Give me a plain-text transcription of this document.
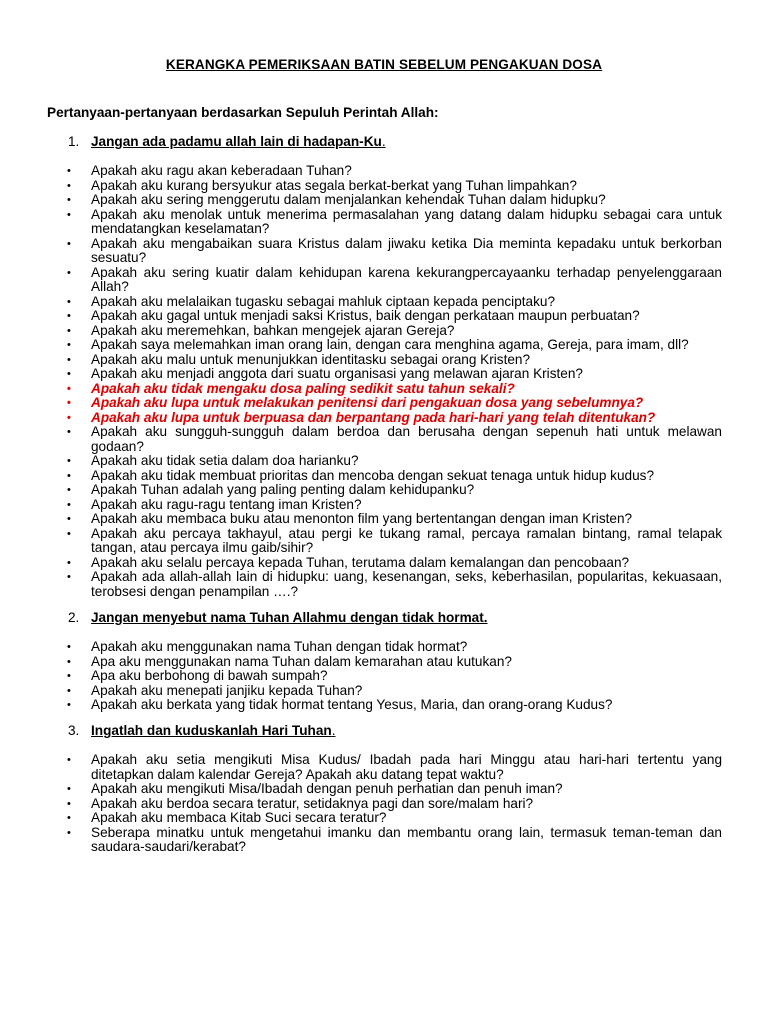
KERANGKA PEMERIKSAAN BATIN SEBELUM PENGAKUAN DOSA
Pertanyaan-pertanyaan berdasarkan Sepuluh Perintah Allah:
1. Jangan ada padamu allah lain di hadapan-Ku.
• Apakah aku ragu akan keberadaan Tuhan?
• Apakah aku kurang bersyukur atas segala berkat-berkat yang Tuhan limpahkan?
• Apakah aku sering menggerutu dalam menjalankan kehendak Tuhan dalam hidupku?
• Apakah aku menolak untuk menerima permasalahan yang datang dalam hidupku sebagai cara untuk mendatangkan keselamatan?
• Apakah aku mengabaikan suara Kristus dalam jiwaku ketika Dia meminta kepadaku untuk berkorban sesuatu?
• Apakah aku sering kuatir dalam kehidupan karena kekurangpercayaanku terhadap penyelenggaraan Allah?
• Apakah aku melalaikan tugasku sebagai mahluk ciptaan kepada penciptaku?
• Apakah aku gagal untuk menjadi saksi Kristus, baik dengan perkataan maupun perbuatan?
• Apakah aku meremehkan, bahkan mengejek ajaran Gereja?
• Apakah saya melemahkan iman orang lain, dengan cara menghina agama, Gereja, para imam, dll?
• Apakah aku malu untuk menunjukkan identitasku sebagai orang Kristen?
• Apakah aku menjadi anggota dari suatu organisasi yang melawan ajaran Kristen?
• Apakah aku tidak mengaku dosa paling sedikit satu tahun sekali?
• Apakah aku lupa untuk melakukan penitensi dari pengakuan dosa yang sebelumnya?
• Apakah aku lupa untuk berpuasa dan berpantang pada hari-hari yang telah ditentukan?
• Apakah aku sungguh-sungguh dalam berdoa dan berusaha dengan sepenuh hati untuk melawan godaan?
• Apakah aku tidak setia dalam doa harianku?
• Apakah aku tidak membuat prioritas dan mencoba dengan sekuat tenaga untuk hidup kudus?
• Apakah Tuhan adalah yang paling penting dalam kehidupanku?
• Apakah aku ragu-ragu tentang iman Kristen?
• Apakah aku membaca buku atau menonton film yang bertentangan dengan iman Kristen?
• Apakah aku percaya takhayul, atau pergi ke tukang ramal, percaya ramalan bintang, ramal telapak tangan, atau percaya ilmu gaib/sihir?
• Apakah aku selalu percaya kepada Tuhan, terutama dalam kemalangan dan pencobaan?
• Apakah ada allah-allah lain di hidupku: uang, kesenangan, seks, keberhasilan, popularitas, kekuasaan, terobsesi dengan penampilan ….?
2. Jangan menyebut nama Tuhan Allahmu dengan tidak hormat.
• Apakah aku menggunakan nama Tuhan dengan tidak hormat?
• Apa aku menggunakan nama Tuhan dalam kemarahan atau kutukan?
• Apa aku berbohong di bawah sumpah?
• Apakah aku menepati janjiku kepada Tuhan?
• Apakah aku berkata yang tidak hormat tentang Yesus, Maria, dan orang-orang Kudus?
3. Ingatlah dan kuduskanlah Hari Tuhan.
• Apakah aku setia mengikuti Misa Kudus/ Ibadah pada hari Minggu atau hari-hari tertentu yang ditetapkan dalam kalendar Gereja? Apakah aku datang tepat waktu?
• Apakah aku mengikuti Misa/Ibadah dengan penuh perhatian dan penuh iman?
• Apakah aku berdoa secara teratur, setidaknya pagi dan sore/malam hari?
• Apakah aku membaca Kitab Suci secara teratur?
• Seberapa minatku untuk mengetahui imanku dan membantu orang lain, termasuk teman-teman dan saudara-saudari/kerabat?
